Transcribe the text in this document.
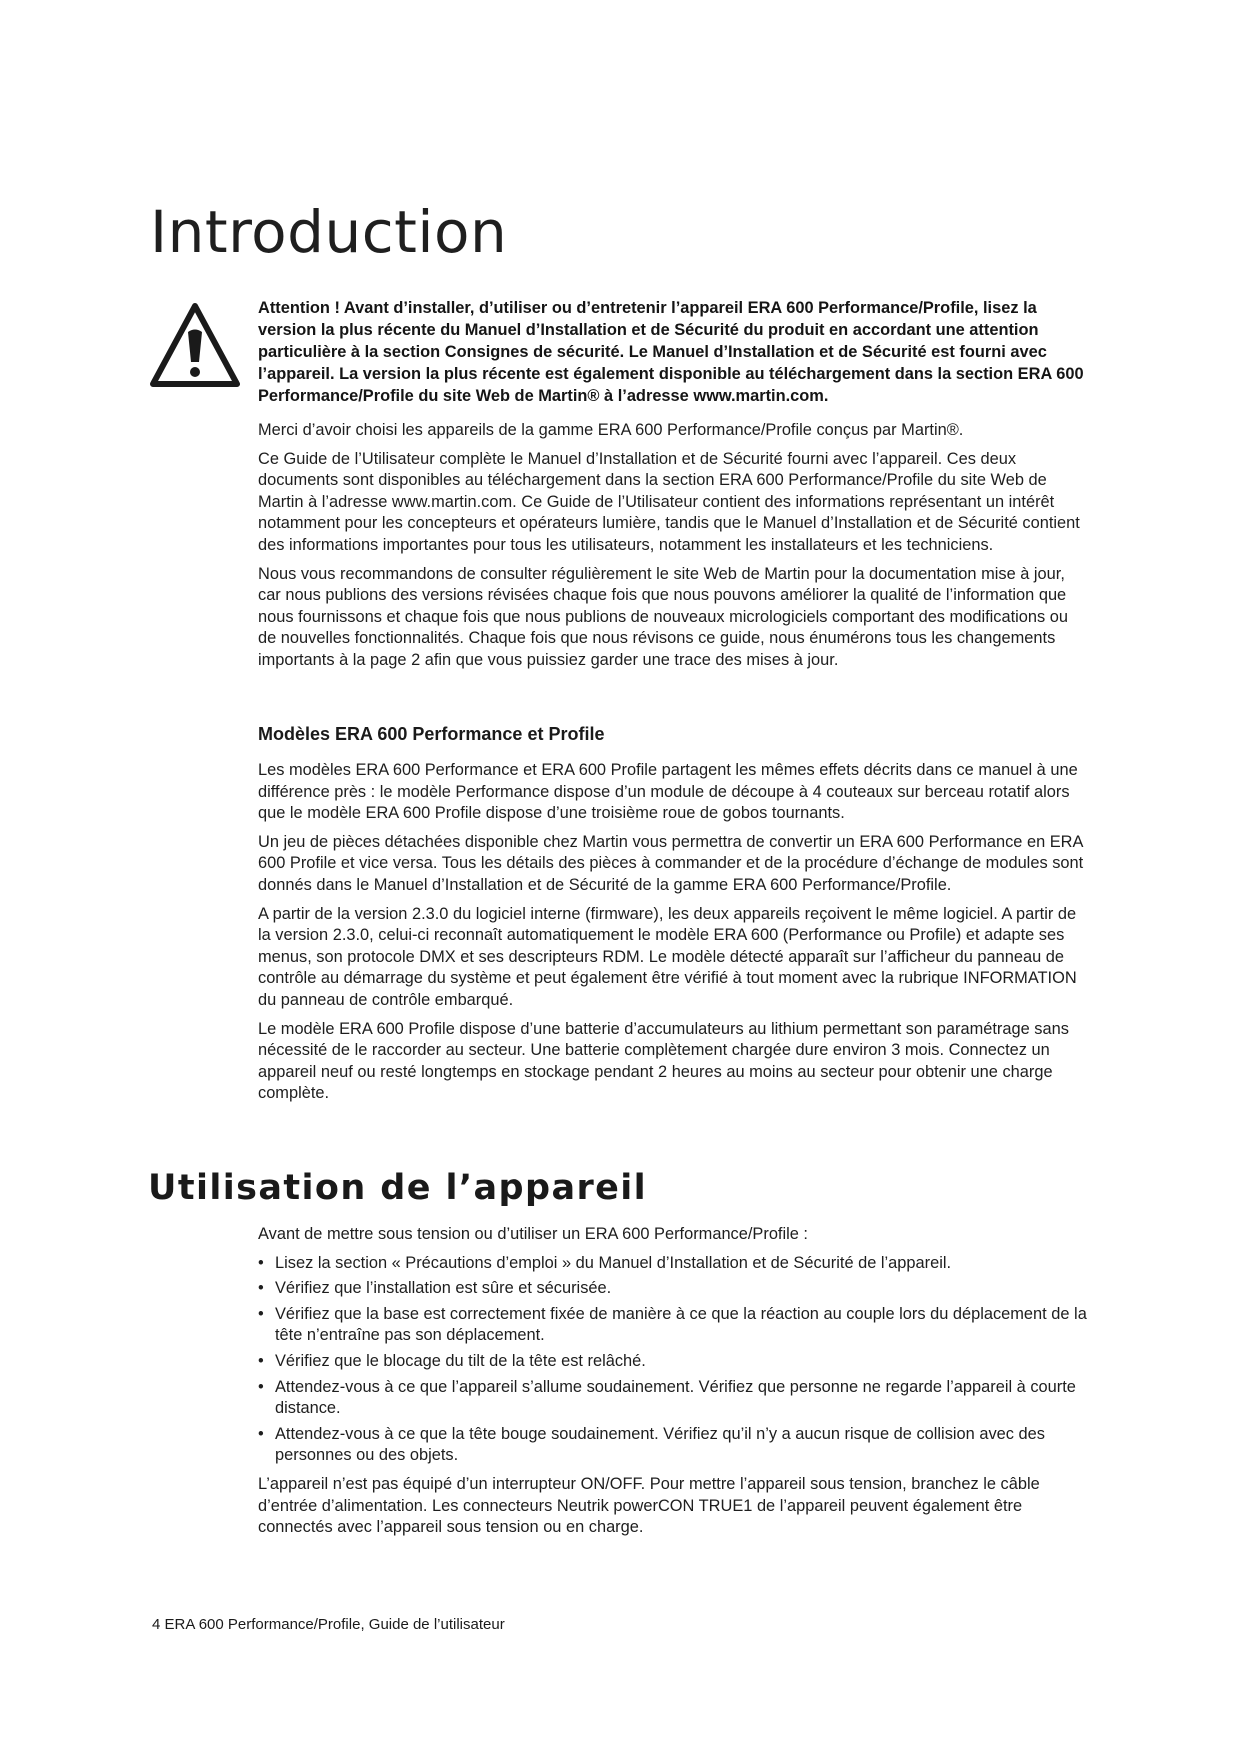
Introduction

Attention ! Avant d’installer, d’utiliser ou d’entretenir l’appareil ERA 600 Performance/Profile, lisez la version la plus récente du Manuel d’Installation et de Sécurité du produit en accordant une attention particulière à la section Consignes de sécurité. Le Manuel d’Installation et de Sécurité est fourni avec l’appareil. La version la plus récente est également disponible au téléchargement dans la section ERA 600 Performance/Profile du site Web de Martin® à l’adresse www.martin.com.

Merci d’avoir choisi les appareils de la gamme ERA 600 Performance/Profile conçus par Martin®.

Ce Guide de l’Utilisateur complète le Manuel d’Installation et de Sécurité fourni avec l’appareil. Ces deux documents sont disponibles au téléchargement dans la section ERA 600 Performance/Profile du site Web de Martin à l’adresse www.martin.com. Ce Guide de l’Utilisateur contient des informations représentant un intérêt notamment pour les concepteurs et opérateurs lumière, tandis que le Manuel d’Installation et de Sécurité contient des informations importantes pour tous les utilisateurs, notamment les installateurs et les techniciens.

Nous vous recommandons de consulter régulièrement le site Web de Martin pour la documentation mise à jour, car nous publions des versions révisées chaque fois que nous pouvons améliorer la qualité de l’information que nous fournissons et chaque fois que nous publions de nouveaux micrologiciels comportant des modifications ou de nouvelles fonctionnalités. Chaque fois que nous révisons ce guide, nous énumérons tous les changements importants à la page 2 afin que vous puissiez garder une trace des mises à jour.

Modèles ERA 600 Performance et Profile

Les modèles ERA 600 Performance et ERA 600 Profile partagent les mêmes effets décrits dans ce manuel à une différence près : le modèle Performance dispose d’un module de découpe à 4 couteaux sur berceau rotatif alors que le modèle ERA 600 Profile dispose d’une troisième roue de gobos tournants.

Un jeu de pièces détachées disponible chez Martin vous permettra de convertir un ERA 600 Performance en ERA 600 Profile et vice versa. Tous les détails des pièces à commander et de la procédure d’échange de modules sont donnés dans le Manuel d’Installation et de Sécurité de la gamme ERA 600 Performance/Profile.

A partir de la version 2.3.0 du logiciel interne (firmware), les deux appareils reçoivent le même logiciel. A partir de la version 2.3.0, celui-ci reconnaît automatiquement le modèle ERA 600 (Performance ou Profile) et adapte ses menus, son protocole DMX et ses descripteurs RDM. Le modèle détecté apparaît sur l’afficheur du panneau de contrôle au démarrage du système et peut également être vérifié à tout moment avec la rubrique INFORMATION du panneau de contrôle embarqué.

Le modèle ERA 600 Profile dispose d’une batterie d’accumulateurs au lithium permettant son paramétrage sans nécessité de le raccorder au secteur. Une batterie complètement chargée dure environ 3 mois. Connectez un appareil neuf ou resté longtemps en stockage pendant 2 heures au moins au secteur pour obtenir une charge complète.

Utilisation de l’appareil

Avant de mettre sous tension ou d’utiliser un ERA 600 Performance/Profile :

• Lisez la section « Précautions d’emploi » du Manuel d’Installation et de Sécurité de l’appareil.
• Vérifiez que l’installation est sûre et sécurisée.
• Vérifiez que la base est correctement fixée de manière à ce que la réaction au couple lors du déplacement de la tête n’entraîne pas son déplacement.
• Vérifiez que le blocage du tilt de la tête est relâché.
• Attendez-vous à ce que l’appareil s’allume soudainement. Vérifiez que personne ne regarde l’appareil à courte distance.
• Attendez-vous à ce que la tête bouge soudainement. Vérifiez qu’il n’y a aucun risque de collision avec des personnes ou des objets.

L’appareil n’est pas équipé d’un interrupteur ON/OFF. Pour mettre l’appareil sous tension, branchez le câble d’entrée d’alimentation. Les connecteurs Neutrik powerCON TRUE1 de l’appareil peuvent également être connectés avec l’appareil sous tension ou en charge.

4 ERA 600 Performance/Profile, Guide de l’utilisateur
